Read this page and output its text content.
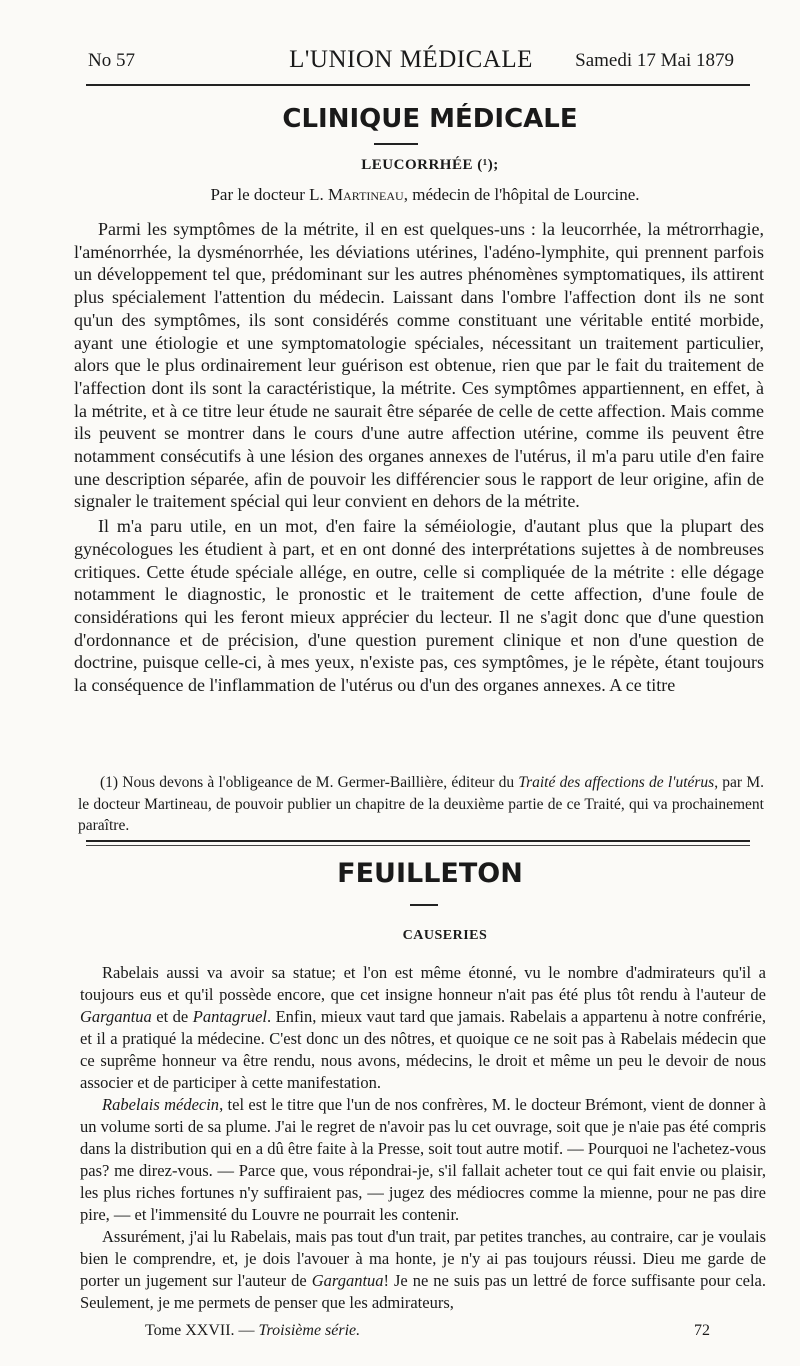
No 57	L'UNION MÉDICALE	Samedi 17 Mai 1879
CLINIQUE MÉDICALE
LEUCORRHÉE (¹);
Par le docteur L. Martineau, médecin de l'hôpital de Lourcine.

Parmi les symptômes de la métrite, il en est quelques-uns : la leucorrhée, la métrorrhagie, l'aménorrhée, la dysménorrhée, les déviations utérines, l'adéno-lymphite, qui prennent parfois un développement tel que, prédominant sur les autres phénomènes symptomatiques, ils attirent plus spécialement l'attention du médecin. Laissant dans l'ombre l'affection dont ils ne sont qu'un des symptômes, ils sont considérés comme constituant une véritable entité morbide, ayant une étiologie et une symptomatologie spéciales, nécessitant un traitement particulier, alors que le plus ordinairement leur guérison est obtenue, rien que par le fait du traitement de l'affection dont ils sont la caractéristique, la métrite. Ces symptômes appartiennent, en effet, à la métrite, et à ce titre leur étude ne saurait être séparée de celle de cette affection. Mais comme ils peuvent se montrer dans le cours d'une autre affection utérine, comme ils peuvent être notamment consécutifs à une lésion des organes annexes de l'utérus, il m'a paru utile d'en faire une description séparée, afin de pouvoir les différencier sous le rapport de leur origine, afin de signaler le traitement spécial qui leur convient en dehors de la métrite.

Il m'a paru utile, en un mot, d'en faire la séméiologie, d'autant plus que la plupart des gynécologues les étudient à part, et en ont donné des interprétations sujettes à de nombreuses critiques. Cette étude spéciale allége, en outre, celle si compliquée de la métrite : elle dégage notamment le diagnostic, le pronostic et le traitement de cette affection, d'une foule de considérations qui les feront mieux apprécier du lecteur. Il ne s'agit donc que d'une question d'ordonnance et de précision, d'une question purement clinique et non d'une question de doctrine, puisque celle-ci, à mes yeux, n'existe pas, ces symptômes, je le répète, étant toujours la conséquence de l'inflammation de l'utérus ou d'un des organes annexes. A ce titre

(1) Nous devons à l'obligeance de M. Germer-Baillière, éditeur du Traité des affections de l'utérus, par M. le docteur Martineau, de pouvoir publier un chapitre de la deuxième partie de ce Traité, qui va prochainement paraître.

FEUILLETON
CAUSERIES

Rabelais aussi va avoir sa statue; et l'on est même étonné, vu le nombre d'admirateurs qu'il a toujours eus et qu'il possède encore, que cet insigne honneur n'ait pas été plus tôt rendu à l'auteur de Gargantua et de Pantagruel. Enfin, mieux vaut tard que jamais. Rabelais a appartenu à notre confrérie, et il a pratiqué la médecine. C'est donc un des nôtres, et quoique ce ne soit pas à Rabelais médecin que ce suprême honneur va être rendu, nous avons, médecins, le droit et même un peu le devoir de nous associer et de participer à cette manifestation.

Rabelais médecin, tel est le titre que l'un de nos confrères, M. le docteur Brémont, vient de donner à un volume sorti de sa plume. J'ai le regret de n'avoir pas lu cet ouvrage, soit que je n'aie pas été compris dans la distribution qui en a dû être faite à la Presse, soit tout autre motif. — Pourquoi ne l'achetez-vous pas? me direz-vous. — Parce que, vous répondrai-je, s'il fallait acheter tout ce qui fait envie ou plaisir, les plus riches fortunes n'y suffiraient pas, — jugez des médiocres comme la mienne, pour ne pas dire pire, — et l'immensité du Louvre ne pourrait les contenir.

Assurément, j'ai lu Rabelais, mais pas tout d'un trait, par petites tranches, au contraire, car je voulais bien le comprendre, et, je dois l'avouer à ma honte, je n'y ai pas toujours réussi. Dieu me garde de porter un jugement sur l'auteur de Gargantua! Je ne ne suis pas un lettré de force suffisante pour cela. Seulement, je me permets de penser que les admirateurs,

Tome XXVII. — Troisième série.	72
